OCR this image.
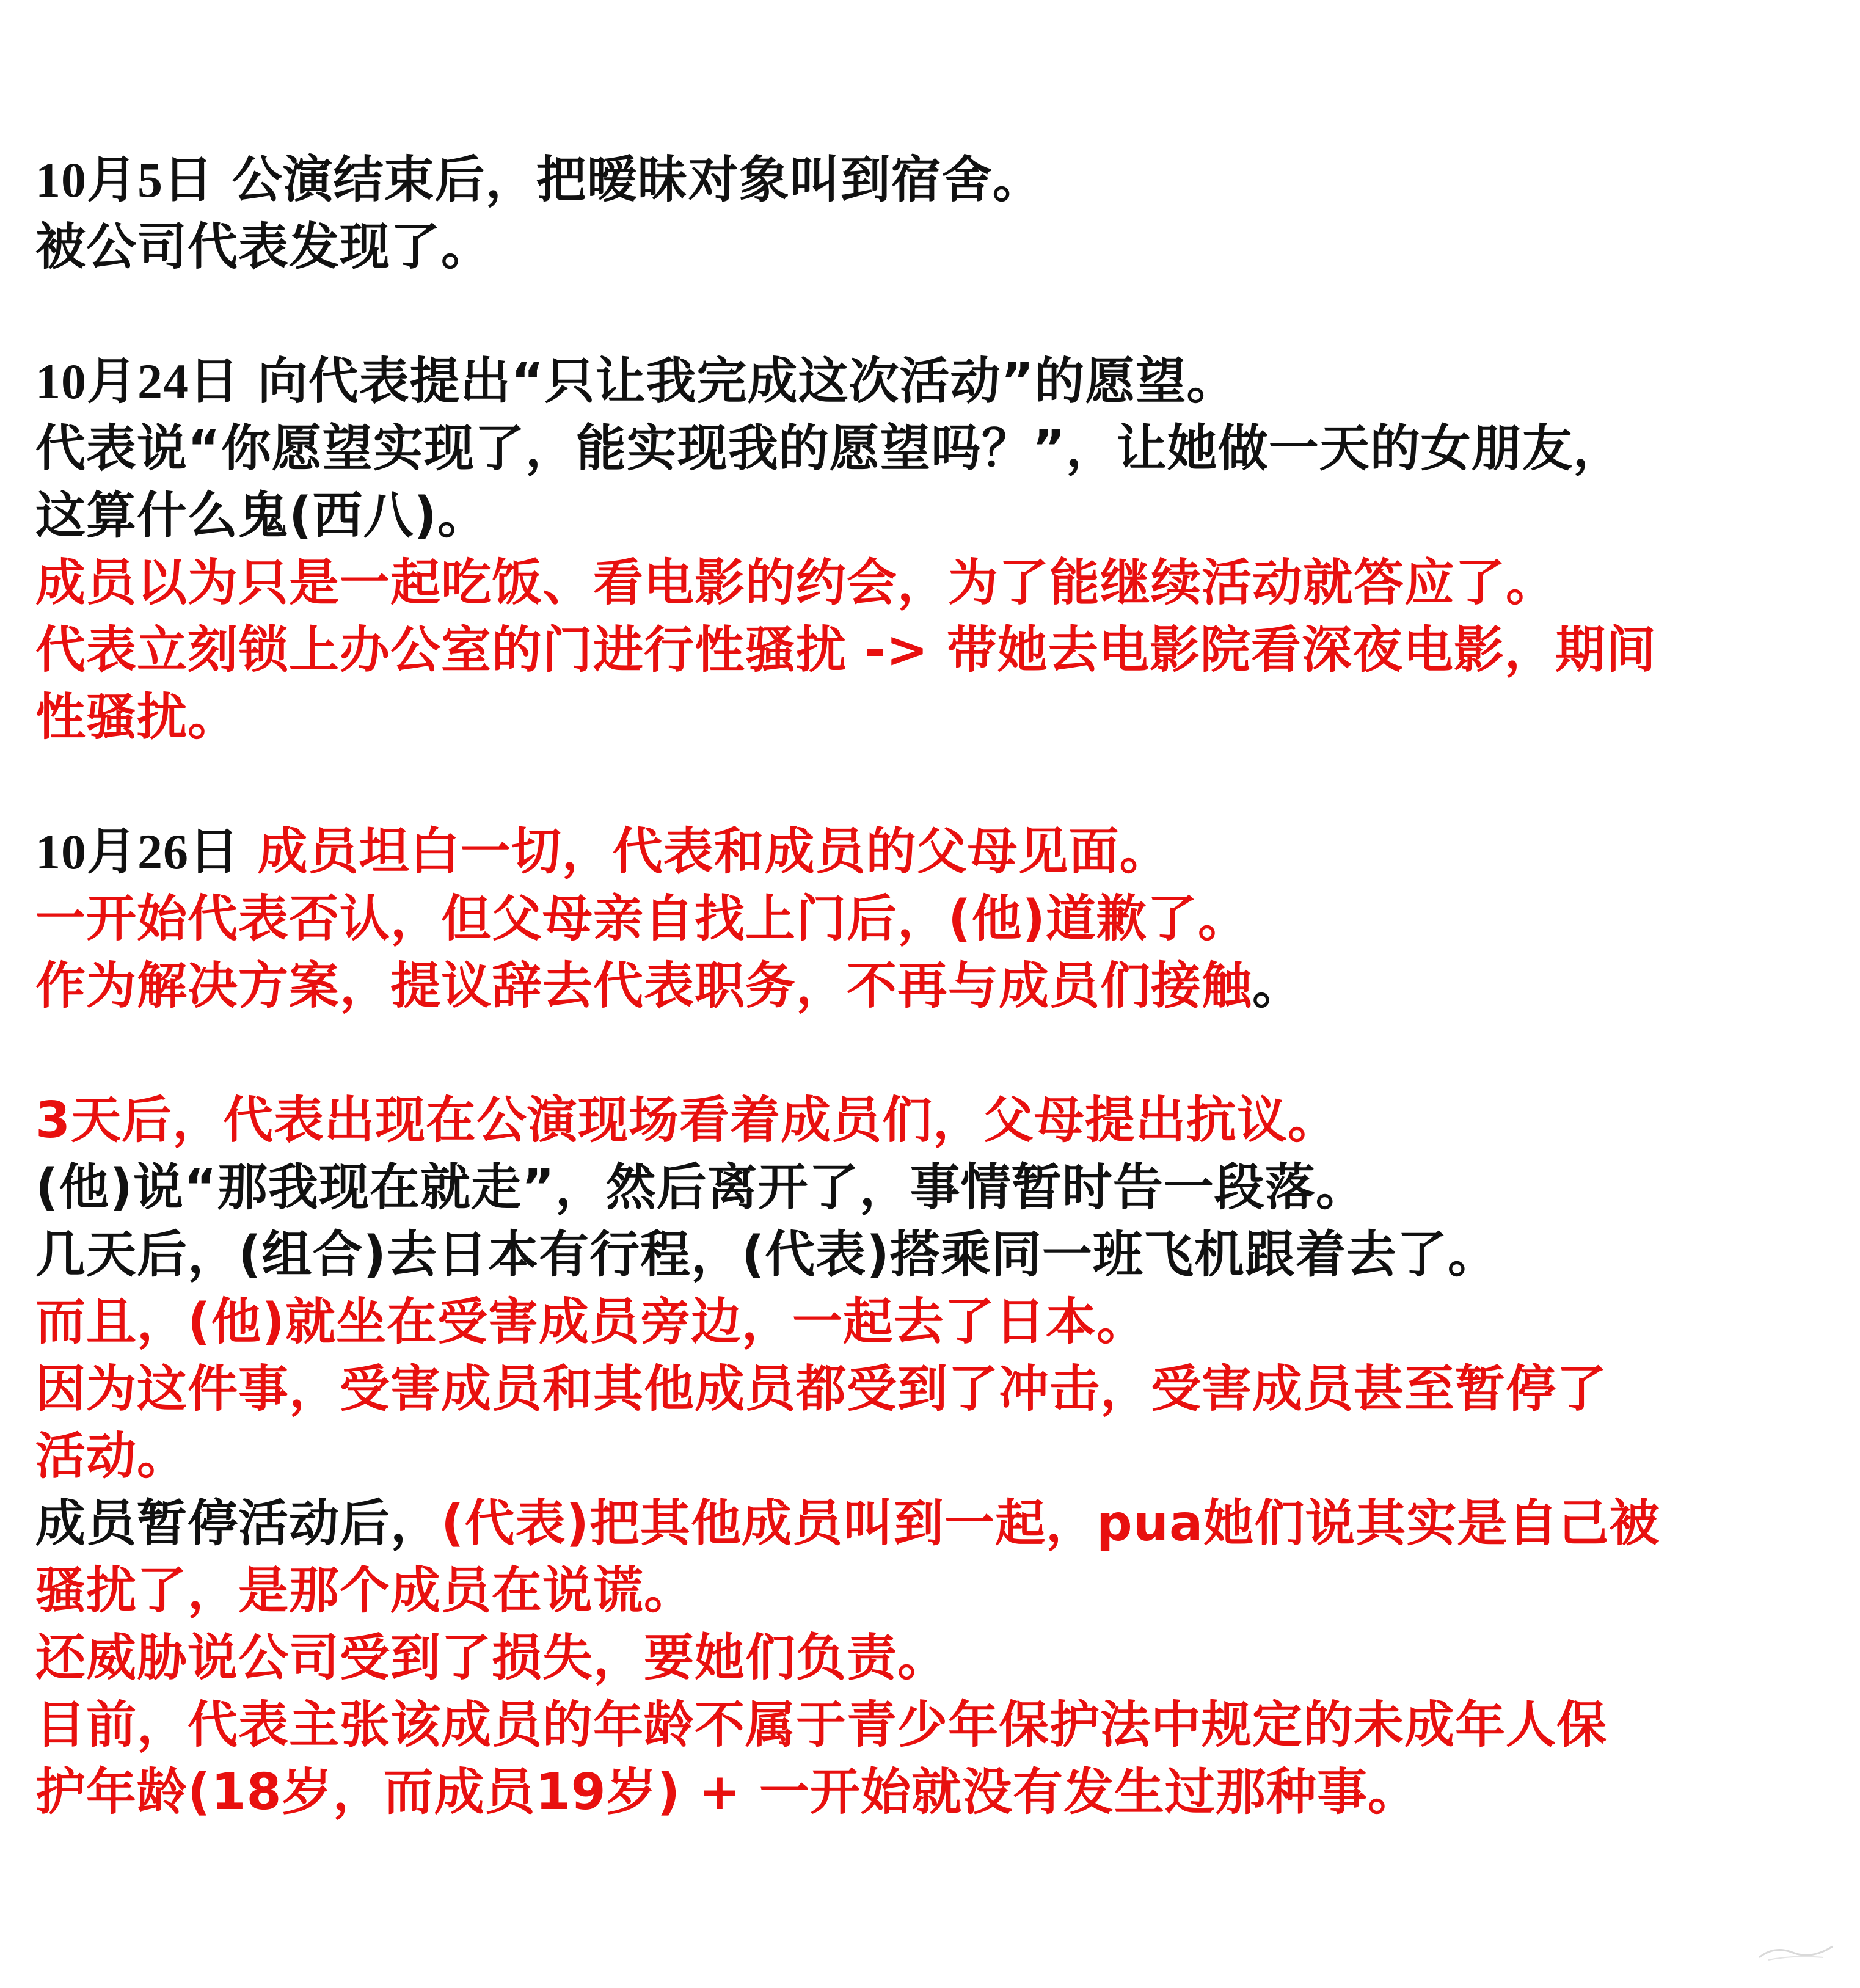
10月5日 公演结束后，把暧昧对象叫到宿舍。
被公司代表发现了。
10月24日 向代表提出“只让我完成这次活动”的愿望。
代表说“你愿望实现了，能实现我的愿望吗？”，让她做一天的女朋友，
这算什么鬼(西八)。
成员以为只是一起吃饭、看电影的约会，为了能继续活动就答应了。
代表立刻锁上办公室的门进行性骚扰 -> 带她去电影院看深夜电影，期间
性骚扰。
10月26日 成员坦白一切，代表和成员的父母见面。
一开始代表否认，但父母亲自找上门后，(他)道歉了。
作为解决方案，提议辞去代表职务，不再与成员们接触。
3天后，代表出现在公演现场看着成员们，父母提出抗议。
(他)说“那我现在就走”，然后离开了，事情暂时告一段落。
几天后，(组合)去日本有行程，(代表)搭乘同一班飞机跟着去了。
而且，(他)就坐在受害成员旁边，一起去了日本。
因为这件事，受害成员和其他成员都受到了冲击，受害成员甚至暂停了
活动。
成员暂停活动后，(代表)把其他成员叫到一起，pua她们说其实是自己被
骚扰了，是那个成员在说谎。
还威胁说公司受到了损失，要她们负责。
目前，代表主张该成员的年龄不属于青少年保护法中规定的未成年人保
护年龄(18岁，而成员19岁) + 一开始就没有发生过那种事。
